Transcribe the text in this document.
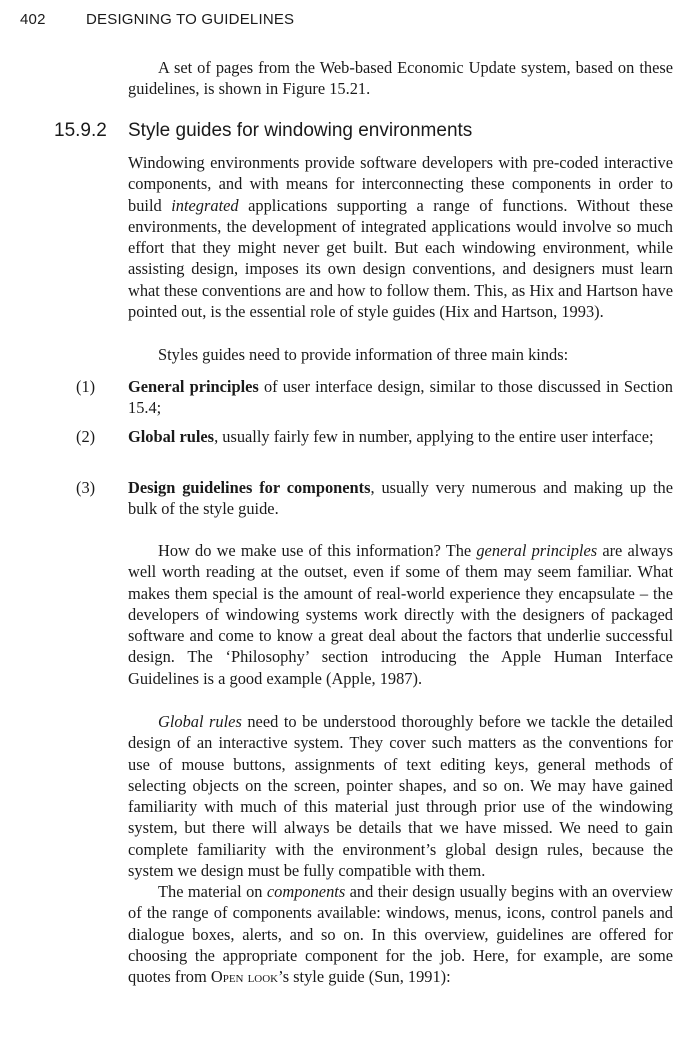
402	DESIGNING TO GUIDELINES
A set of pages from the Web-based Economic Update system, based on these guidelines, is shown in Figure 15.21.
15.9.2 Style guides for windowing environments
Windowing environments provide software developers with pre-coded interactive components, and with means for interconnecting these components in order to build integrated applications supporting a range of functions. Without these environments, the development of integrated applications would involve so much effort that they might never get built. But each windowing environment, while assisting design, imposes its own design conventions, and designers must learn what these conventions are and how to follow them. This, as Hix and Hartson have pointed out, is the essential role of style guides (Hix and Hartson, 1993).
Styles guides need to provide information of three main kinds:
(1) General principles of user interface design, similar to those discussed in Section 15.4;
(2) Global rules, usually fairly few in number, applying to the entire user interface;
(3) Design guidelines for components, usually very numerous and making up the bulk of the style guide.
How do we make use of this information? The general principles are always well worth reading at the outset, even if some of them may seem familiar. What makes them special is the amount of real-world experience they encapsulate – the developers of windowing systems work directly with the designers of packaged software and come to know a great deal about the factors that underlie successful design. The ‘Philosophy’ section introducing the Apple Human Interface Guidelines is a good example (Apple, 1987).
Global rules need to be understood thoroughly before we tackle the detailed design of an interactive system. They cover such matters as the conventions for use of mouse buttons, assignments of text editing keys, general methods of selecting objects on the screen, pointer shapes, and so on. We may have gained familiarity with much of this material just through prior use of the windowing system, but there will always be details that we have missed. We need to gain complete familiarity with the environment’s global design rules, because the system we design must be fully compatible with them.
The material on components and their design usually begins with an overview of the range of components available: windows, menus, icons, control panels and dialogue boxes, alerts, and so on. In this overview, guidelines are offered for choosing the appropriate component for the job. Here, for example, are some quotes from Open look’s style guide (Sun, 1991):
